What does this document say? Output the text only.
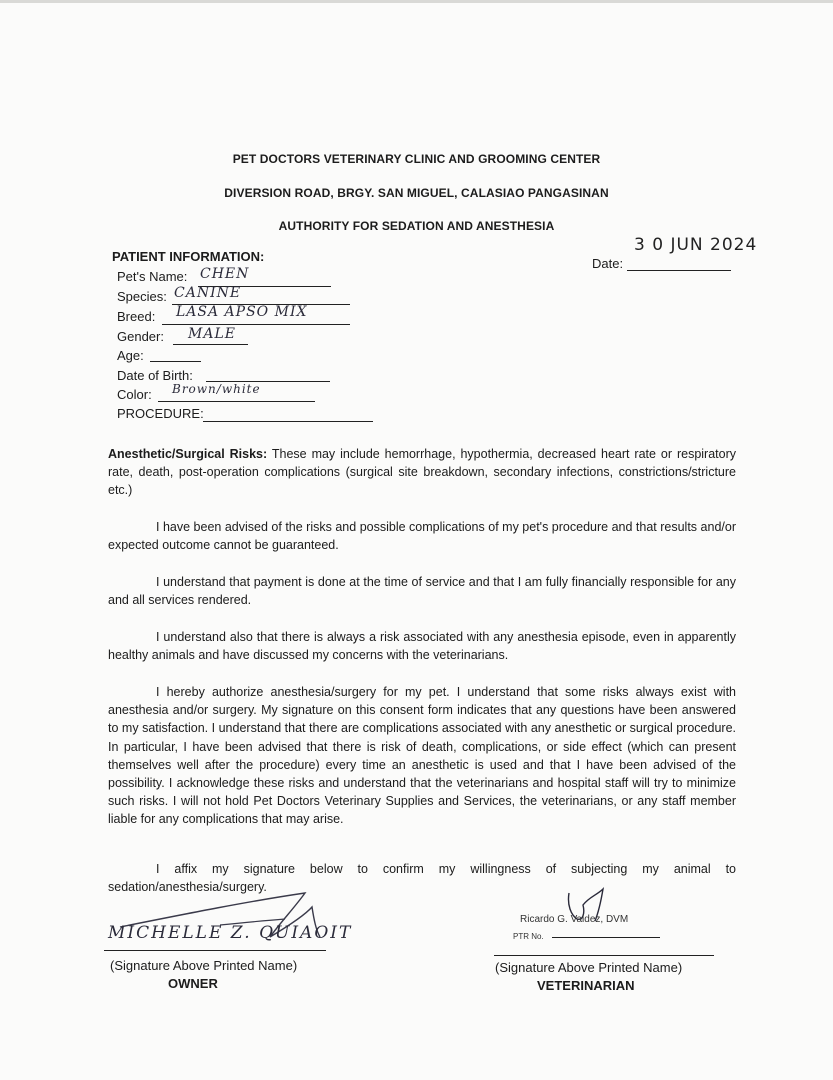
PET DOCTORS VETERINARY CLINIC AND GROOMING CENTER
DIVERSION ROAD, BRGY. SAN MIGUEL, CALASIAO PANGASINAN
AUTHORITY FOR SEDATION AND ANESTHESIA
3 0 JUN 2024
Date:
PATIENT INFORMATION:
Pet's Name: CHEN
Species: CANINE
Breed: LASA APSO MIX
Gender: MALE
Age:
Date of Birth:
Color: Brown/white
PROCEDURE:
Anesthetic/Surgical Risks: These may include hemorrhage, hypothermia, decreased heart rate or respiratory rate, death, post-operation complications (surgical site breakdown, secondary infections, constrictions/stricture etc.)
I have been advised of the risks and possible complications of my pet's procedure and that results and/or expected outcome cannot be guaranteed.
I understand that payment is done at the time of service and that I am fully financially responsible for any and all services rendered.
I understand also that there is always a risk associated with any anesthesia episode, even in apparently healthy animals and have discussed my concerns with the veterinarians.
I hereby authorize anesthesia/surgery for my pet. I understand that some risks always exist with anesthesia and/or surgery. My signature on this consent form indicates that any questions have been answered to my satisfaction. I understand that there are complications associated with any anesthetic or surgical procedure. In particular, I have been advised that there is risk of death, complications, or side effect (which can present themselves well after the procedure) every time an anesthetic is used and that I have been advised of the possibility. I acknowledge these risks and understand that the veterinarians and hospital staff will try to minimize such risks. I will not hold Pet Doctors Veterinary Supplies and Services, the veterinarians, or any staff member liable for any complications that may arise.
I affix my signature below to confirm my willingness of subjecting my animal to sedation/anesthesia/surgery.
MICHELLE Z. QUIAOIT
(Signature Above Printed Name)
OWNER
Ricardo G. Valdez, DVM
PTR No.
(Signature Above Printed Name)
VETERINARIAN
